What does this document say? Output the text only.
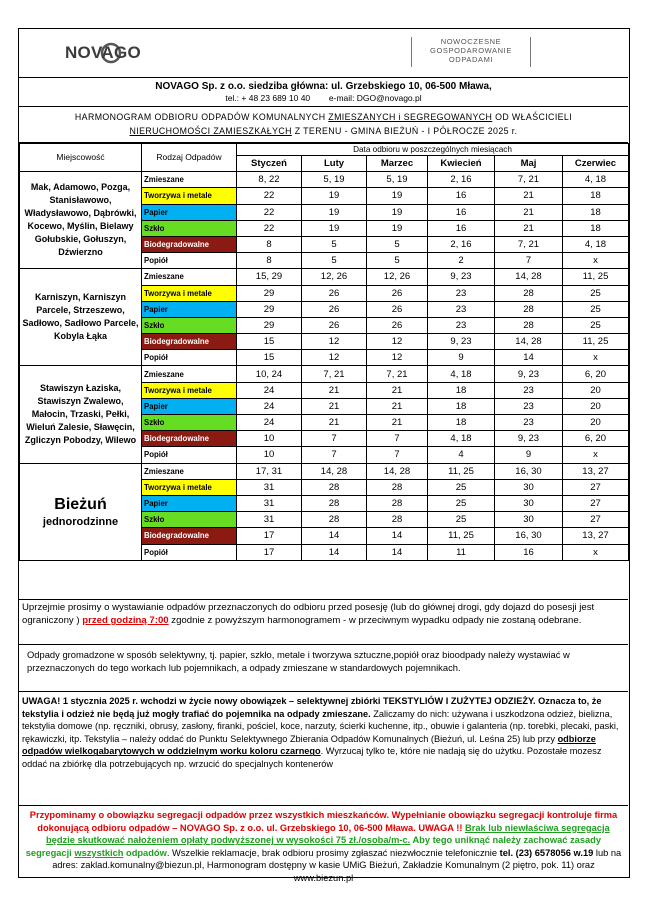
NOVAGO
NOWOCZESNE
GOSPODAROWANIE
ODPADAMI
NOVAGO Sp. z o.o. siedziba główna: ul. Grzebskiego 10, 06-500 Mława,
tel.: + 48 23 689 10 40 e-mail: DGO@novago.pl
HARMONOGRAM ODBIORU ODPADÓW KOMUNALNYCH ZMIESZANYCH i SEGREGOWANYCH OD WŁAŚCICIELI
NIERUCHOMOŚCI ZAMIESZKAŁYCH Z TERENU - GMINA BIEŻUŃ - I PÓŁROCZE 2025 r.
Miejscowość	Rodzaj Odpadów	Data odbioru w poszczególnych miesiącach					
		Styczeń	Luty	Marzec	Kwiecień	Maj	Czerwiec
Mak, Adamowo, Pozga, Stanisławowo, Władysławowo, Dąbrówki, Kocewo, Myślin, Bielawy Gołubskie, Gołuszyn, Dźwierzno	Zmieszane	8, 22	5, 19	5, 19	2, 16	7, 21	4, 18
	Tworzywa i metale	22	19	19	16	21	18
	Papier	22	19	19	16	21	18
	Szkło	22	19	19	16	21	18
	Biodegradowalne	8	5	5	2, 16	7, 21	4, 18
	Popiół	8	5	5	2	7	x
Karniszyn, Karniszyn Parcele, Strzeszewo, Sadłowo, Sadłowo Parcele, Kobyla Łąka	Zmieszane	15, 29	12, 26	12, 26	9, 23	14, 28	11, 25
	Tworzywa i metale	29	26	26	23	28	25
	Papier	29	26	26	23	28	25
	Szkło	29	26	26	23	28	25
	Biodegradowalne	15	12	12	9, 23	14, 28	11, 25
	Popiół	15	12	12	9	14	x
Stawiszyn Łaziska, Stawiszyn Zwalewo, Małocin, Trzaski, Pełki, Wieluń Zalesie, Sławęcin, Zgliczyn Pobodzy, Wilewo	Zmieszane	10, 24	7, 21	7, 21	4, 18	9, 23	6, 20
	Tworzywa i metale	24	21	21	18	23	20
	Papier	24	21	21	18	23	20
	Szkło	24	21	21	18	23	20
	Biodegradowalne	10	7	7	4, 18	9, 23	6, 20
	Popiół	10	7	7	4	9	x

Bieżuń
jednorodzinne	Zmieszane	17, 31	14, 28	14, 28	11, 25	16, 30	13, 27
	Tworzywa i metale	31	28	28	25	30	27
	Papier	31	28	28	25	30	27
	Szkło	31	28	28	25	30	27
	Biodegradowalne	17	14	14	11, 25	16, 30	13, 27
	Popiół	17	14	14	11	16	x
Uprzejmie prosimy o wystawianie odpadów przeznaczonych do odbioru przed posesję (lub do głównej drogi, gdy dojazd do posesji jest ograniczony ) przed godziną 7:00 zgodnie z powyższym harmonogramem - w przeciwnym wypadku odpady nie zostaną odebrane.
Odpady gromadzone w sposób selektywny, tj. papier, szkło, metale i tworzywa sztuczne,popiół oraz bioodpady należy wystawiać w przeznaczonych do tego workach lub pojemnikach, a odpady zmieszane w standardowych pojemnikach.
UWAGA! 1 stycznia 2025 r. wchodzi w życie nowy obowiązek – selektywnej zbiórki TEKSTYLIÓW I ZUŻYTEJ ODZIEŻY. Oznacza to, że tekstylia i odzież nie będą już mogły trafiać do pojemnika na odpady zmieszane. Zaliczamy do nich: używana i uszkodzona odzież, bielizna, tekstylia domowe (np. ręczniki, obrusy, zasłony, firanki, pościel, koce, narzuty, ścierki kuchenne, itp., obuwie i galanteria (np. torebki, plecaki, paski, rękawiczki, itp. Tekstylia – należy oddać do Punktu Selektywnego Zbierania Odpadów Komunalnych (Bieżuń, ul. Leśna 25) lub przy odbiorze odpadów wielkogabarytowych w oddzielnym worku koloru czarnego. Wyrzucaj tylko te, które nie nadają się do użytku. Pozostałe mozesz oddać na zbiórkę dla potrzebujących np. wrzucić do specjalnych kontenerów
Przypominamy o obowiązku segregacji odpadów przez wszystkich mieszkańców. Wypełnianie obowiązku segregacji kontroluje firma dokonującą odbioru odpadów – NOVAGO Sp. z o.o. ul. Grzebskiego 10, 06-500 Mława. UWAGA !! Brak lub niewłaściwa segregacja będzie skutkować nałożeniem opłaty podwyższonej w wysokości 75 zł./osoba/m-c. Aby tego uniknąć należy zachować zasady segregacji wszystkich odpadów. Wszelkie reklamacje, brak odbioru prosimy zgłaszać niezwłocznie telefonicznie tel. (23) 6578056 w.19 lub na adres: zaklad.komunalny@biezun.pl, Harmonogram dostępny w kasie UMiG Bieżuń, Zakładzie Komunalnym (2 piętro, pok. 11) oraz www.biezun.pl
